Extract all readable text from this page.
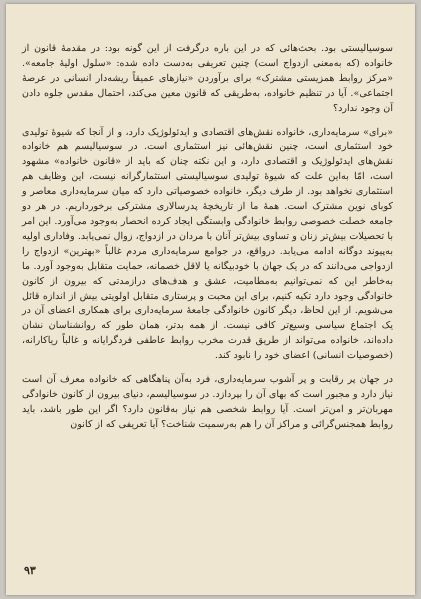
سوسیالیستی بود. بحث‌هائی که در این باره درگرفت از این گونه بود: در مقدمهٔ قانون از خانواده (که به‌معنی ازدواج است) چنین تعریفی به‌دست داده شده: «سلول اولیهٔ جامعه». «مرکز روابط همزیستی مشترک» برای برآوردن «نیازهای عمیقاً ریشه‌دار انسانی در عرصهٔ اجتماعی». آیا در تنظیم خانواده، به‌طریقی که قانون معین می‌کند، احتمال مقدس جلوه دادن آن وجود ندارد؟

«برای» سرمایه‌داری، خانواده نقش‌های اقتصادی و ایدئولوژیک دارد، و از آنجا که شیوهٔ تولیدی خود استثماری است، چنین نقش‌هائی نیز استثماری است. در سوسیالیسم هم خانواده نقش‌های ایدئولوژیک و اقتصادی دارد، و این نکته چنان که باید از «قانون خانواده» مشهود است، امّا به‌این علت که شیوهٔ تولیدی سوسیالیستی استثمارگرانه نیست، این وظایف هم استثماری نخواهد بود. از طرف دیگر، خانواده خصوصیاتی دارد که میان سرمایه‌داری معاصر و کوبای نوین مشترک است. همهٔ ما از تاریخچهٔ پدرسالاری مشترکی برخورداریم. در هر دو جامعه خصلت خصوصی روابط خانوادگی وابستگی ایجاد کرده انحصار به‌وجود می‌آورد. این امر با تحصیلات بیش‌تر زنان و تساوی بیش‌تر آنان با مردان در ازدواج، زوال نمی‌یابد. وفاداری اولیه به‌پیوند دوگانه ادامه می‌یابد. درواقع، در جوامع سرمایه‌داری مردم غالباً «بهترین» ازدواج را ازدواجی می‌دانند که در یک جهان با خودبیگانه یا لاقل خصمانه، حمایت متقابل به‌وجود آورد. ما به‌خاطر این که نمی‌توانیم به‌مطامیت، عشق و هدف‌های درازمدتی که بیرون از کانون خانوادگی وجود دارد تکیه کنیم، برای این محبت و پرستاری متقابل اولویتی بیش از اندازه قائل می‌شویم. از این لحاظ، دیگر کانون خانوادگی جامعهٔ سرمایه‌داری برای همکاری اعضای آن در یک اجتماع سیاسی وسیع‌تر کافی نیست. از همه بدتر، همان طور که روانشناسان نشان داده‌اند، خانواده می‌تواند از طریق قدرت مخرب روابط عاطفی فردگرایانه و غالباً ریاکارانه، (خصوصیات انسانی) اعضای خود را نابود کند.

در جهان پر رقابت و پر آشوب سرمایه‌داری، فرد به‌آن پناهگاهی که خانواده معرف آن است نیاز دارد و مجبور است که بهای آن را بپردازد. در سوسیالیسم، دنیای بیرون از کانون خانوادگی مهربان‌تر و امن‌تر است. آیا روابط شخصی هم نیاز به‌قانون دارد؟ اگر این طور باشد، باید روابط همجنس‌گرائی و مراکز آن را هم به‌رسمیت شناخت؟ آیا تعریفی که از کانون

۹۳
